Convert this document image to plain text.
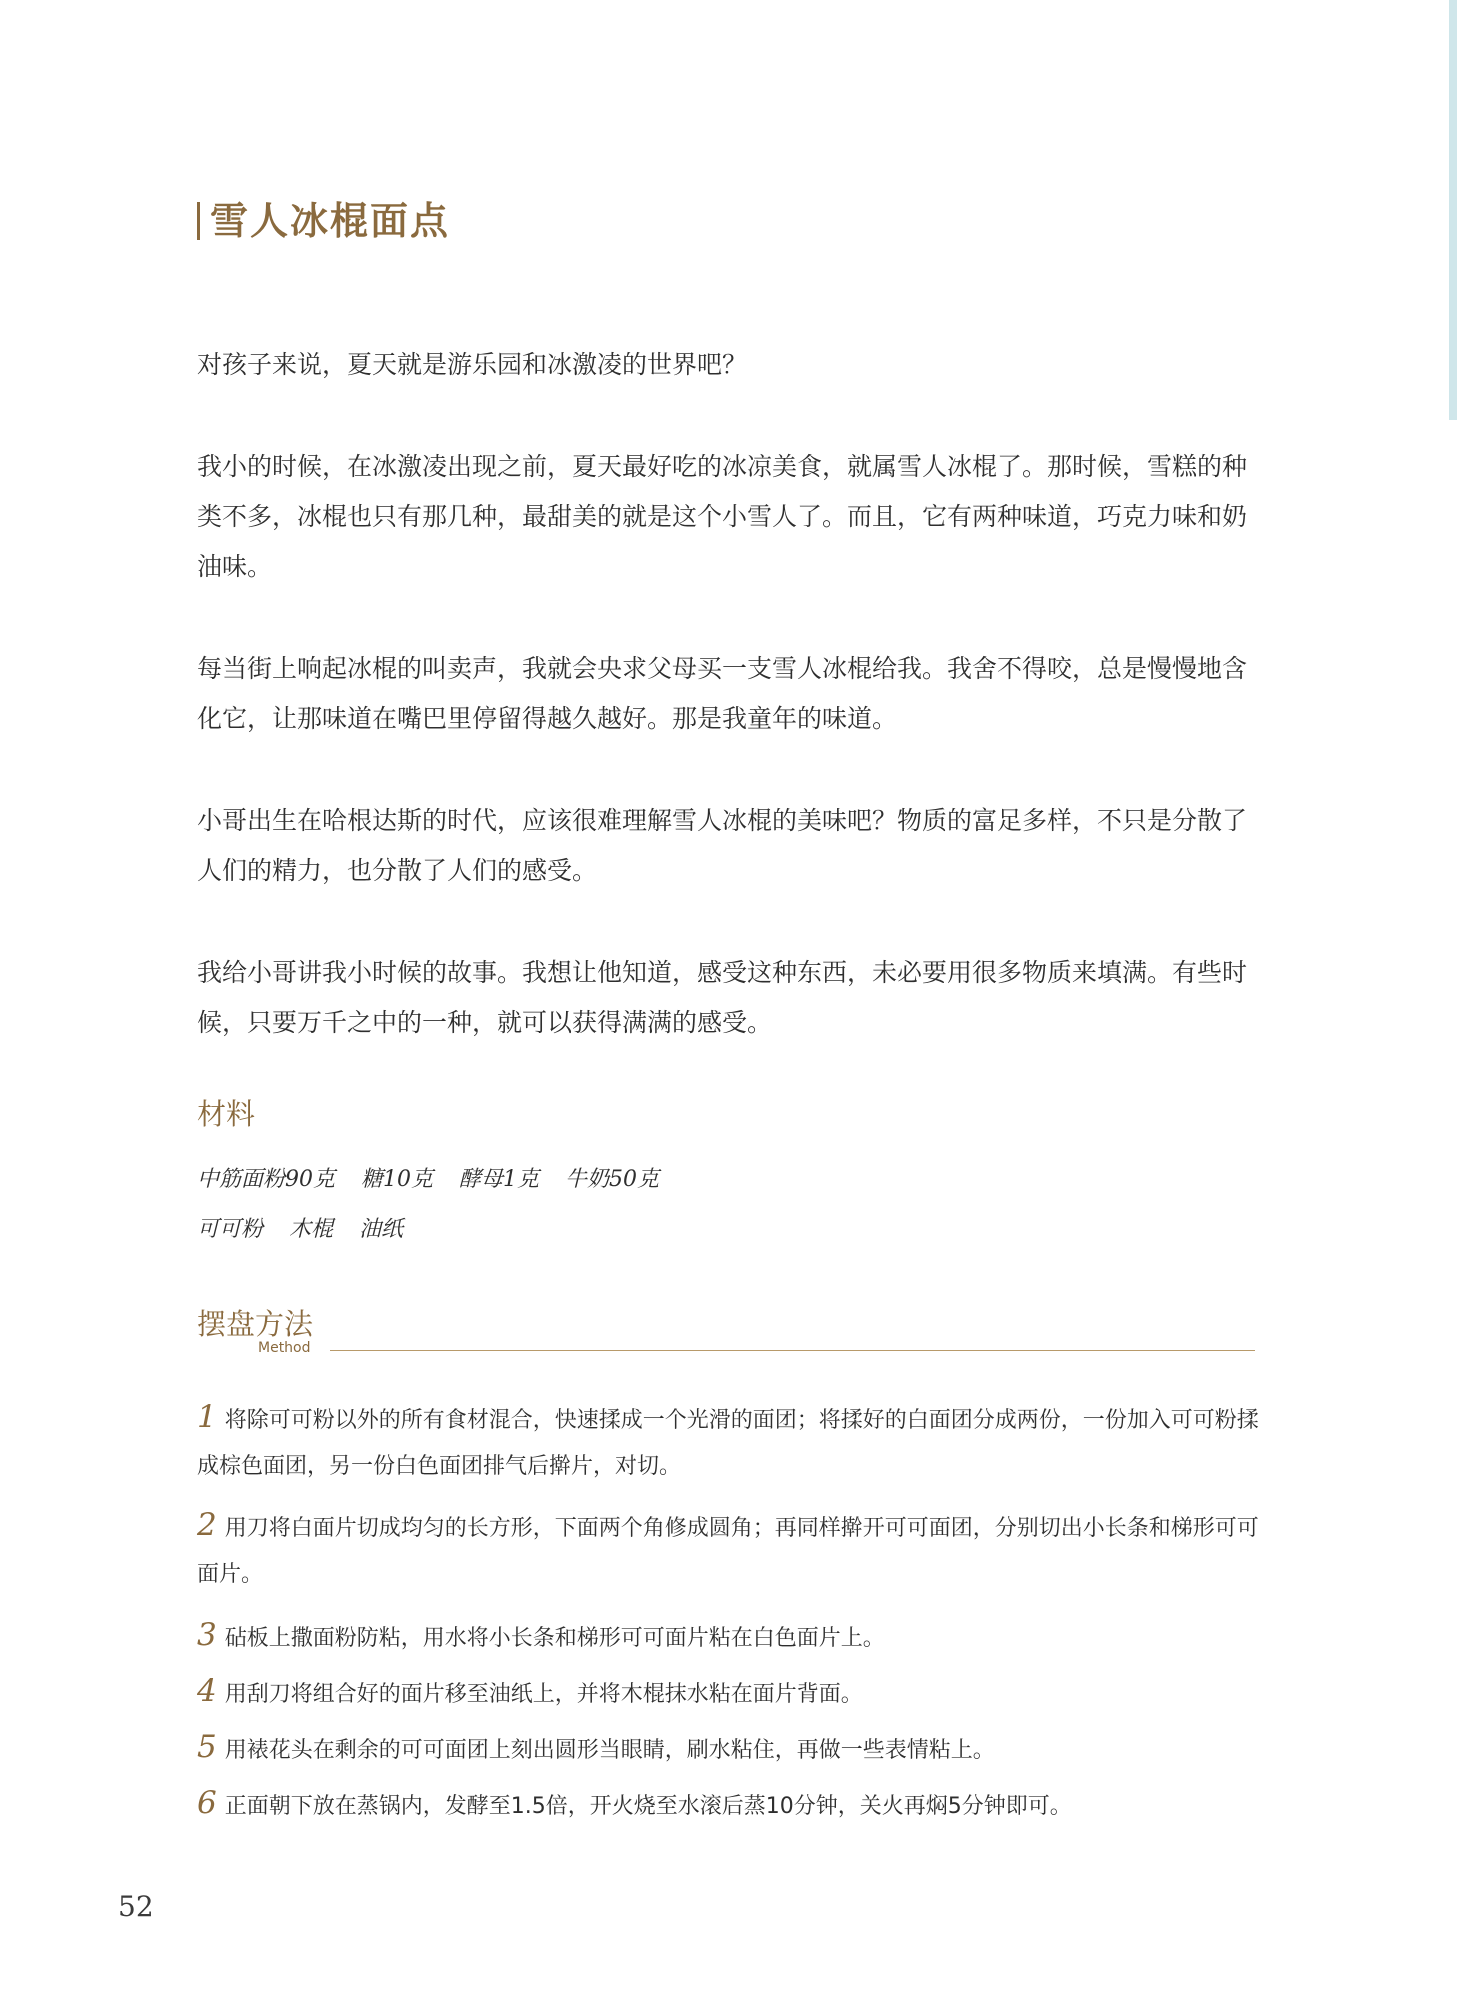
雪人冰棍面点

对孩子来说，夏天就是游乐园和冰激凌的世界吧？

我小的时候，在冰激凌出现之前，夏天最好吃的冰凉美食，就属雪人冰棍了。那时候，雪糕的种类不多，冰棍也只有那几种，最甜美的就是这个小雪人了。而且，它有两种味道，巧克力味和奶油味。

每当街上响起冰棍的叫卖声，我就会央求父母买一支雪人冰棍给我。我舍不得咬，总是慢慢地含化它，让那味道在嘴巴里停留得越久越好。那是我童年的味道。

小哥出生在哈根达斯的时代，应该很难理解雪人冰棍的美味吧？物质的富足多样，不只是分散了人们的精力，也分散了人们的感受。

我给小哥讲我小时候的故事。我想让他知道，感受这种东西，未必要用很多物质来填满。有些时候，只要万千之中的一种，就可以获得满满的感受。

材料
中筋面粉90克 糖10克 酵母1克 牛奶50克
可可粉 木棍 油纸
摆盘方法
Method
1 将除可可粉以外的所有食材混合，快速揉成一个光滑的面团；将揉好的白面团分成两份，一份加入可可粉揉成棕色面团，另一份白色面团排气后擀片，对切。
2 用刀将白面片切成均匀的长方形，下面两个角修成圆角；再同样擀开可可面团，分别切出小长条和梯形可可面片。
3 砧板上撒面粉防粘，用水将小长条和梯形可可面片粘在白色面片上。
4 用刮刀将组合好的面片移至油纸上，并将木棍抹水粘在面片背面。
5 用裱花头在剩余的可可面团上刻出圆形当眼睛，刷水粘住，再做一些表情粘上。
6 正面朝下放在蒸锅内，发酵至1.5倍，开火烧至水滚后蒸10分钟，关火再焖5分钟即可。
52
